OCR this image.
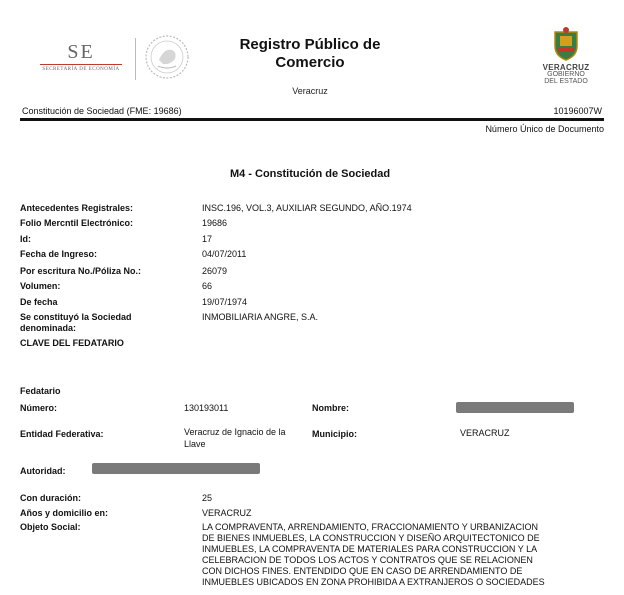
SE
SECRETARÍA DE ECONOMÍA
Registro Público de
Comercio
Veracruz
VERACRUZ
GOBIERNO
DEL ESTADO
Constitución de Sociedad (FME: 19686)	10196007W
Número Único de Documento
M4 - Constitución de Sociedad
Antecedentes Registrales:	INSC.196, VOL.3, AUXILIAR SEGUNDO, AÑO.1974
Folio Mercntil Electrónico:	19686
Id:	17
Fecha de Ingreso:	04/07/2011
Por escritura No./Póliza No.:	26079
Volumen:	66
De fecha	19/07/1974
Se constituyó la Sociedad
denominada:
INMOBILIARIA ANGRE, S.A.
CLAVE DEL FEDATARIO
Fedatario
Número:	130193011	Nombre:
Entidad Federativa:	Veracruz de Ignacio de la
Llave
Municipio:	VERACRUZ
Autoridad:
Con duración:	25
Años y domicilio en:	VERACRUZ
Objeto Social:	LA COMPRAVENTA, ARRENDAMIENTO, FRACCIONAMIENTO Y URBANIZACION
DE BIENES INMUEBLES, LA CONSTRUCCION Y DISEÑO ARQUITECTONICO DE
INMUEBLES, LA COMPRAVENTA DE MATERIALES PARA CONSTRUCCION Y LA
CELEBRACION DE TODOS LOS ACTOS Y CONTRATOS QUE SE RELACIONEN
CON DICHOS FINES. ENTENDIDO QUE EN CASO DE ARRENDAMIENTO DE
INMUEBLES UBICADOS EN ZONA PROHIBIDA A EXTRANJEROS O SOCIEDADES
